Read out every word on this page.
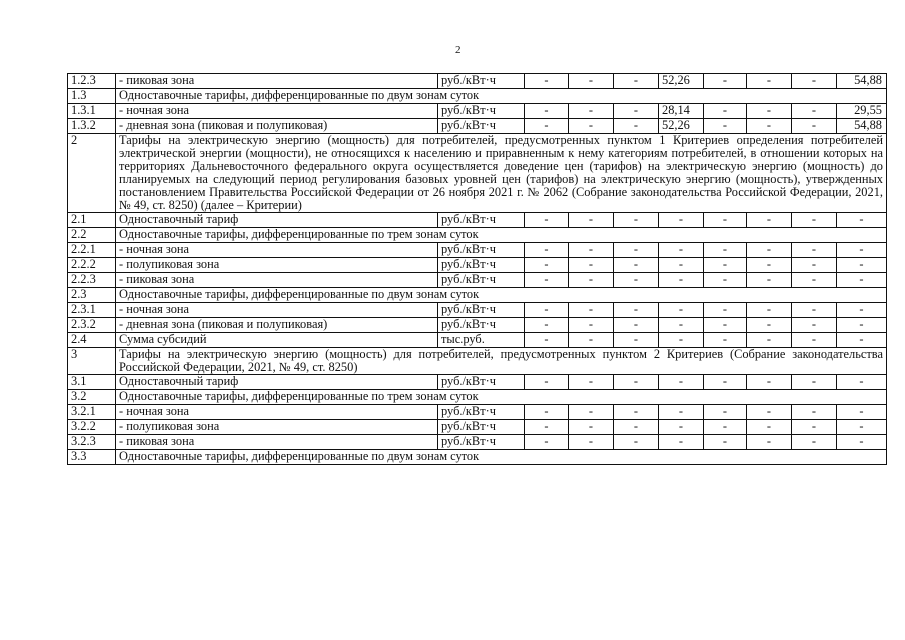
2
1.2.3	- пиковая зона	руб./кВт·ч	-	-	-	52,26	-	-	-	54,88
1.3	Одноставочные тарифы, дифференцированные по двум зонам суток									
1.3.1	- ночная зона	руб./кВт·ч	-	-	-	28,14	-	-	-	29,55
1.3.2	- дневная зона (пиковая и полупиковая)	руб./кВт·ч	-	-	-	52,26	-	-	-	54,88
2	Тарифы на электрическую энергию (мощность) для потребителей, предусмотренных пунктом 1 Критериев определения потребителей электрической энергии (мощности), не относящихся к населению и приравненным к нему категориям потребителей, в отношении которых на территориях Дальневосточного федерального округа осуществляется доведение цен (тарифов) на электрическую энергию (мощность) до планируемых на следующий период регулирования базовых уровней цен (тарифов) на электрическую энергию (мощность), утвержденных постановлением Правительства Российской Федерации от 26 ноября 2021 г. № 2062 (Собрание законодательства Российской Федерации, 2021, № 49, ст. 8250) (далее – Критерии)									
2.1	Одноставочный тариф	руб./кВт·ч	-	-	-	-	-	-	-	-
2.2	Одноставочные тарифы, дифференцированные по трем зонам суток									
2.2.1	- ночная зона	руб./кВт·ч	-	-	-	-	-	-	-	-
2.2.2	- полупиковая зона	руб./кВт·ч	-	-	-	-	-	-	-	-
2.2.3	- пиковая зона	руб./кВт·ч	-	-	-	-	-	-	-	-
2.3	Одноставочные тарифы, дифференцированные по двум зонам суток									
2.3.1	- ночная зона	руб./кВт·ч	-	-	-	-	-	-	-	-
2.3.2	- дневная зона (пиковая и полупиковая)	руб./кВт·ч	-	-	-	-	-	-	-	-
2.4	Сумма субсидий	тыс.руб.	-	-	-	-	-	-	-	-
3	Тарифы на электрическую энергию (мощность) для потребителей, предусмотренных пунктом 2 Критериев (Собрание законодательства Российской Федерации, 2021, № 49, ст. 8250)									
3.1	Одноставочный тариф	руб./кВт·ч	-	-	-	-	-	-	-	-
3.2	Одноставочные тарифы, дифференцированные по трем зонам суток									
3.2.1	- ночная зона	руб./кВт·ч	-	-	-	-	-	-	-	-
3.2.2	- полупиковая зона	руб./кВт·ч	-	-	-	-	-	-	-	-
3.2.3	- пиковая зона	руб./кВт·ч	-	-	-	-	-	-	-	-
3.3	Одноставочные тарифы, дифференцированные по двум зонам суток									
